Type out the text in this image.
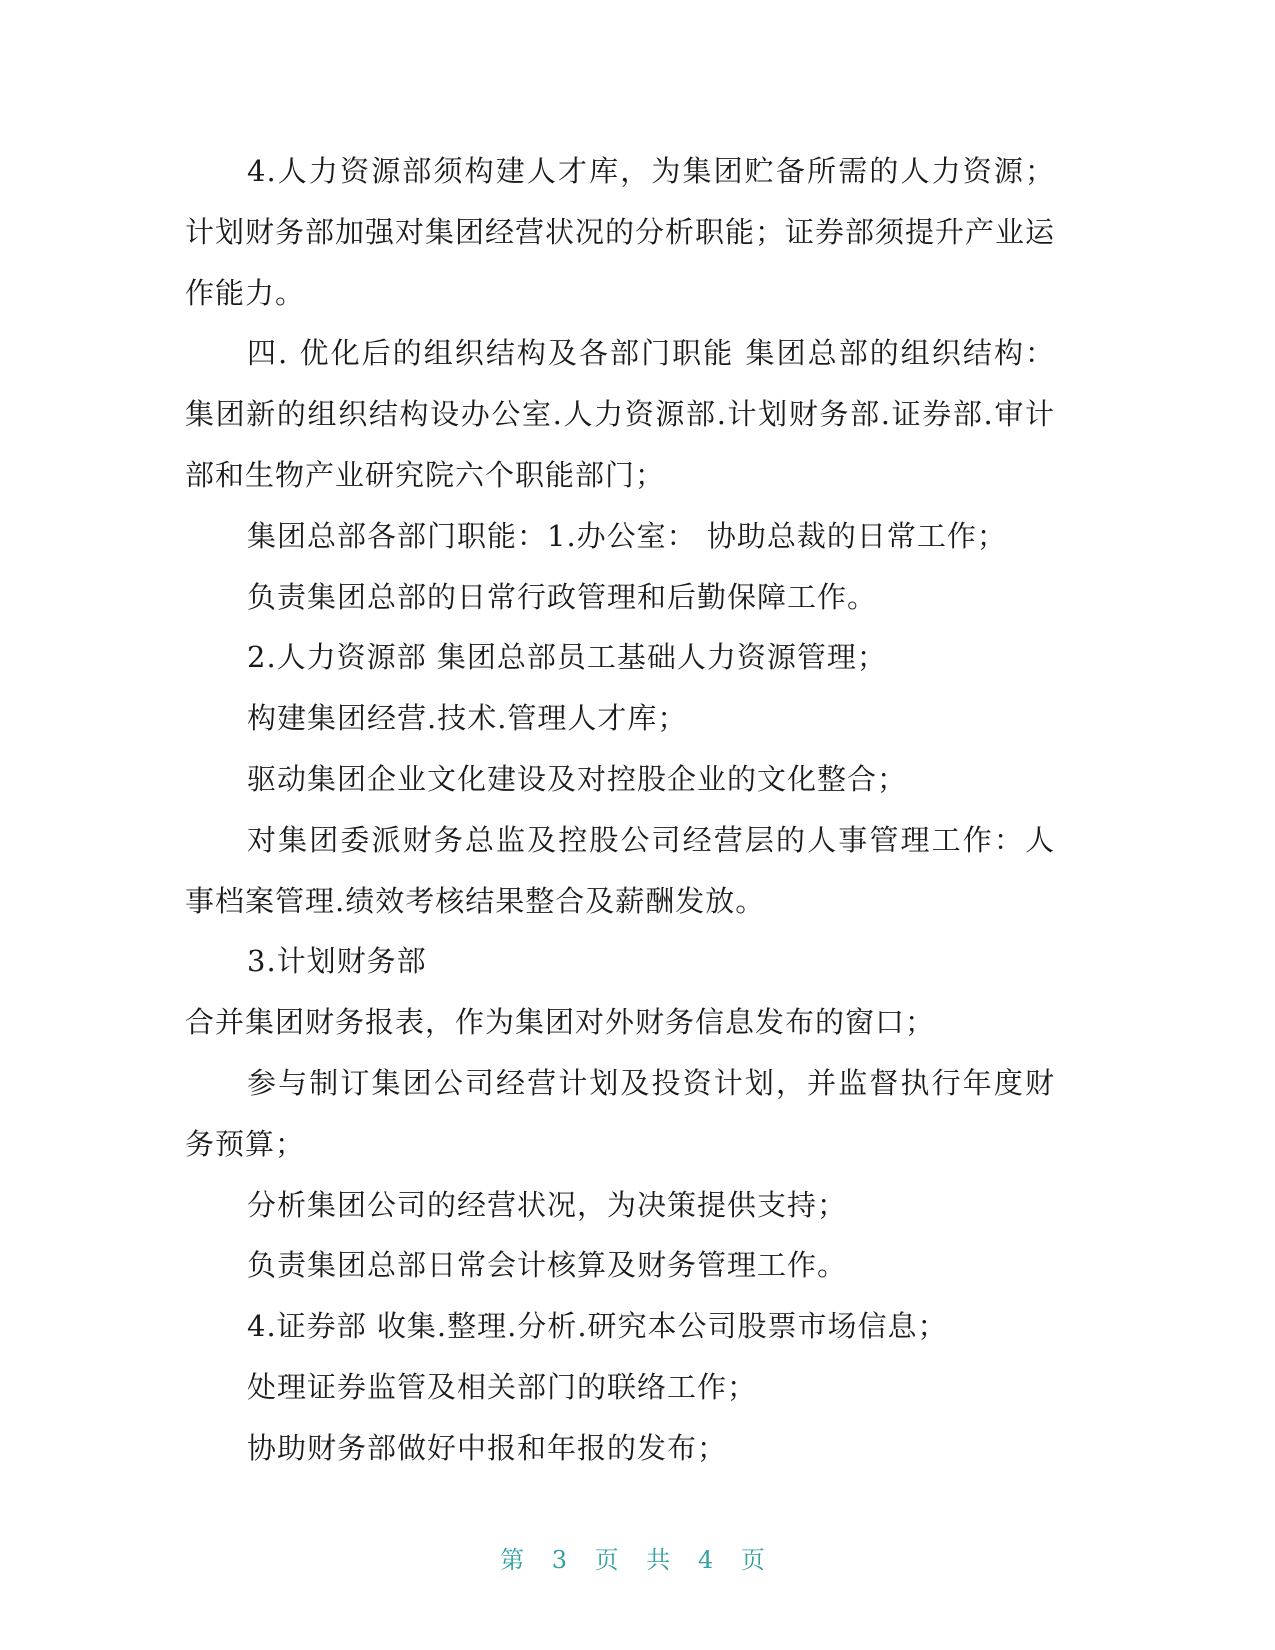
4.人力资源部须构建人才库，为集团贮备所需的人力资源；计划财务部加强对集团经营状况的分析职能；证券部须提升产业运作能力。

四. 优化后的组织结构及各部门职能 集团总部的组织结构：集团新的组织结构设办公室.人力资源部.计划财务部.证券部.审计部和生物产业研究院六个职能部门；

集团总部各部门职能：1.办公室： 协助总裁的日常工作；

负责集团总部的日常行政管理和后勤保障工作。

2.人力资源部 集团总部员工基础人力资源管理；

构建集团经营.技术.管理人才库；

驱动集团企业文化建设及对控股企业的文化整合；

对集团委派财务总监及控股公司经营层的人事管理工作：人事档案管理.绩效考核结果整合及薪酬发放。

3.计划财务部

合并集团财务报表，作为集团对外财务信息发布的窗口；

参与制订集团公司经营计划及投资计划，并监督执行年度财务预算；

分析集团公司的经营状况，为决策提供支持；

负责集团总部日常会计核算及财务管理工作。

4.证券部 收集.整理.分析.研究本公司股票市场信息；

处理证券监管及相关部门的联络工作；

协助财务部做好中报和年报的发布；

第 3 页 共 4 页
